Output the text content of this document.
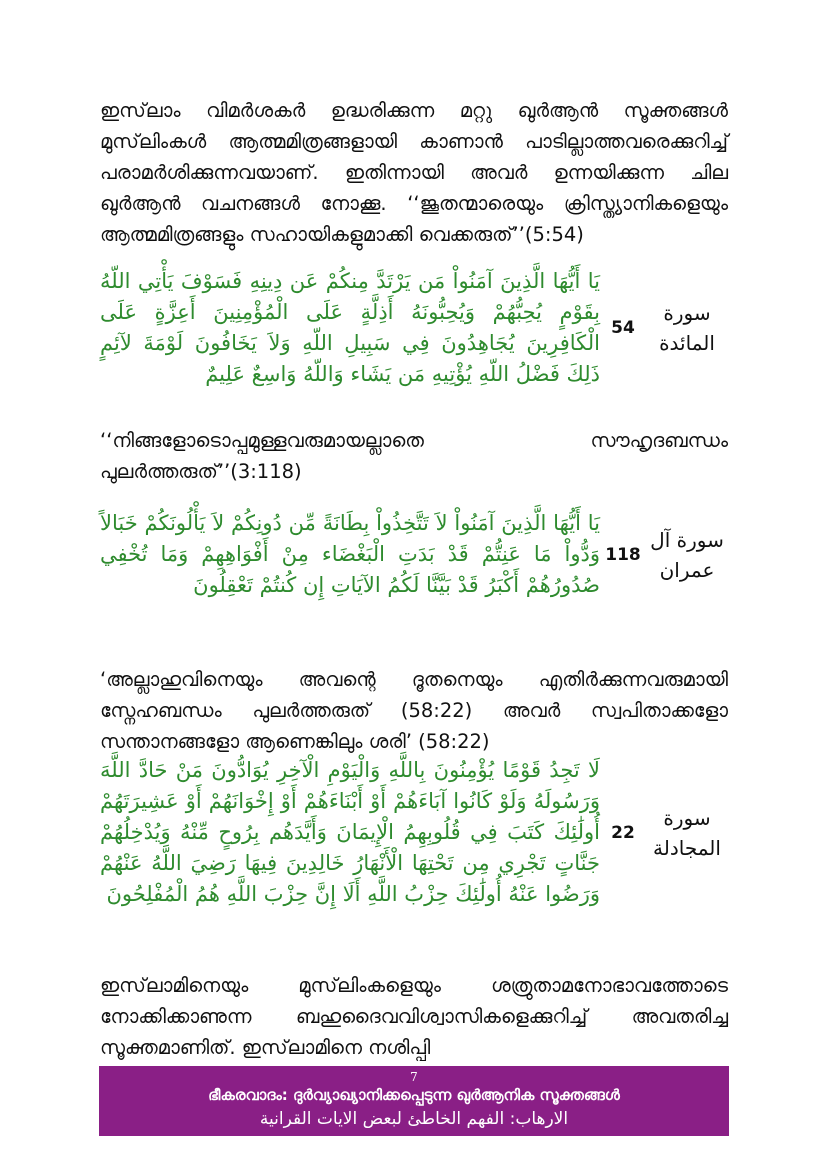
ഇസ്‌ലാം വിമർശകർ ഉദ്ധരിക്കുന്ന മറ്റു ഖുർആൻ സൂക്തങ്ങൾ മുസ്‌ലിംകൾ ആത്മമിത്രങ്ങളായി കാണാൻ പാടില്ലാത്തവരെക്കുറിച്ച് പരാമർശിക്കുന്നവയാണ്. ഇതിന്നായി അവർ ഉന്നയിക്കുന്ന ചില ഖുർആൻ വചനങ്ങൾ നോക്കൂ. ‘‘ജൂതന്മാരെയും ക്രിസ്ത്യാനികളെയും ആത്മമിത്രങ്ങളും സഹായികളുമാക്കി വെക്കരുത്’’(5:54)
سورة المائدة
54
يَا أَيُّهَا الَّذِينَ آمَنُواْ مَن يَرْتَدَّ مِنكُمْ عَن دِينِهِ فَسَوْفَ يَأْتِي اللّهُ بِقَوْمٍ يُحِبُّهُمْ وَيُحِبُّونَهُ أَذِلَّةٍ عَلَى الْمُؤْمِنِينَ أَعِزَّةٍ عَلَى الْكَافِرِينَ يُجَاهِدُونَ فِي سَبِيلِ اللّهِ وَلاَ يَخَافُونَ لَوْمَةَ لآئِمٍ ذَلِكَ فَضْلُ اللّهِ يُؤْتِيهِ مَن يَشَاء وَاللّهُ وَاسِعٌ عَلِيمٌ
‘‘നിങ്ങളോടൊപ്പമുള്ളവരുമായല്ലാതെ സൗഹൃദബന്ധം പുലർത്തരുത്’’(3:118)
سورة آل عمران
118
يَا أَيُّهَا الَّذِينَ آمَنُواْ لاَ تَتَّخِذُواْ بِطَانَةً مِّن دُونِكُمْ لاَ يَأْلُونَكُمْ خَبَالاً وَدُّواْ مَا عَنِتُّمْ قَدْ بَدَتِ الْبَغْضَاء مِنْ أَفْوَاهِهِمْ وَمَا تُخْفِي صُدُورُهُمْ أَكْبَرُ قَدْ بَيَّنَّا لَكُمُ الآيَاتِ إِن كُنتُمْ تَعْقِلُونَ
‘അല്ലാഹുവിനെയും അവന്റെ ദൂതനെയും എതിർക്കുന്നവരുമായി സ്നേഹബന്ധം പുലർത്തരുത് (58:22) അവർ സ്വപിതാക്കളോ സന്താനങ്ങളോ ആണെങ്കിലും ശരി’ (58:22)
سورة المجادلة
22
لَا تَجِدُ قَوْمًا يُؤْمِنُونَ بِاللَّهِ وَالْيَوْمِ الْآخِرِ يُوَادُّونَ مَنْ حَادَّ اللَّهَ وَرَسُولَهُ وَلَوْ كَانُوا آبَاءَهُمْ أَوْ أَبْنَاءَهُمْ أَوْ إِخْوَانَهُمْ أَوْ عَشِيرَتَهُمْ أُولَٰئِكَ كَتَبَ فِي قُلُوبِهِمُ الْإِيمَانَ وَأَيَّدَهُم بِرُوحٍ مِّنْهُ وَيُدْخِلُهُمْ جَنَّاتٍ تَجْرِي مِن تَحْتِهَا الْأَنْهَارُ خَالِدِينَ فِيهَا رَضِيَ اللَّهُ عَنْهُمْ وَرَضُوا عَنْهُ أُولَٰئِكَ حِزْبُ اللَّهِ أَلَا إِنَّ حِزْبَ اللَّهِ هُمُ الْمُفْلِحُونَ
ഇസ്‌ലാമിനെയും മുസ്‌ലിംകളെയും ശത്രുതാമനോഭാവത്തോടെ നോക്കിക്കാണുന്ന ബഹുദൈവവിശ്വാസികളെക്കുറിച്ച് അവതരിച്ച സൂക്തമാണിത്. ഇസ്‌ലാമിനെ നശിപ്പി
7
ഭീകരവാദം: ദുർവ്യാഖ്യാനിക്കപ്പെടുന്ന ഖുർആനിക സൂക്തങ്ങൾ
الارهاب: الفهم الخاطئ لبعض الايات القرانية
